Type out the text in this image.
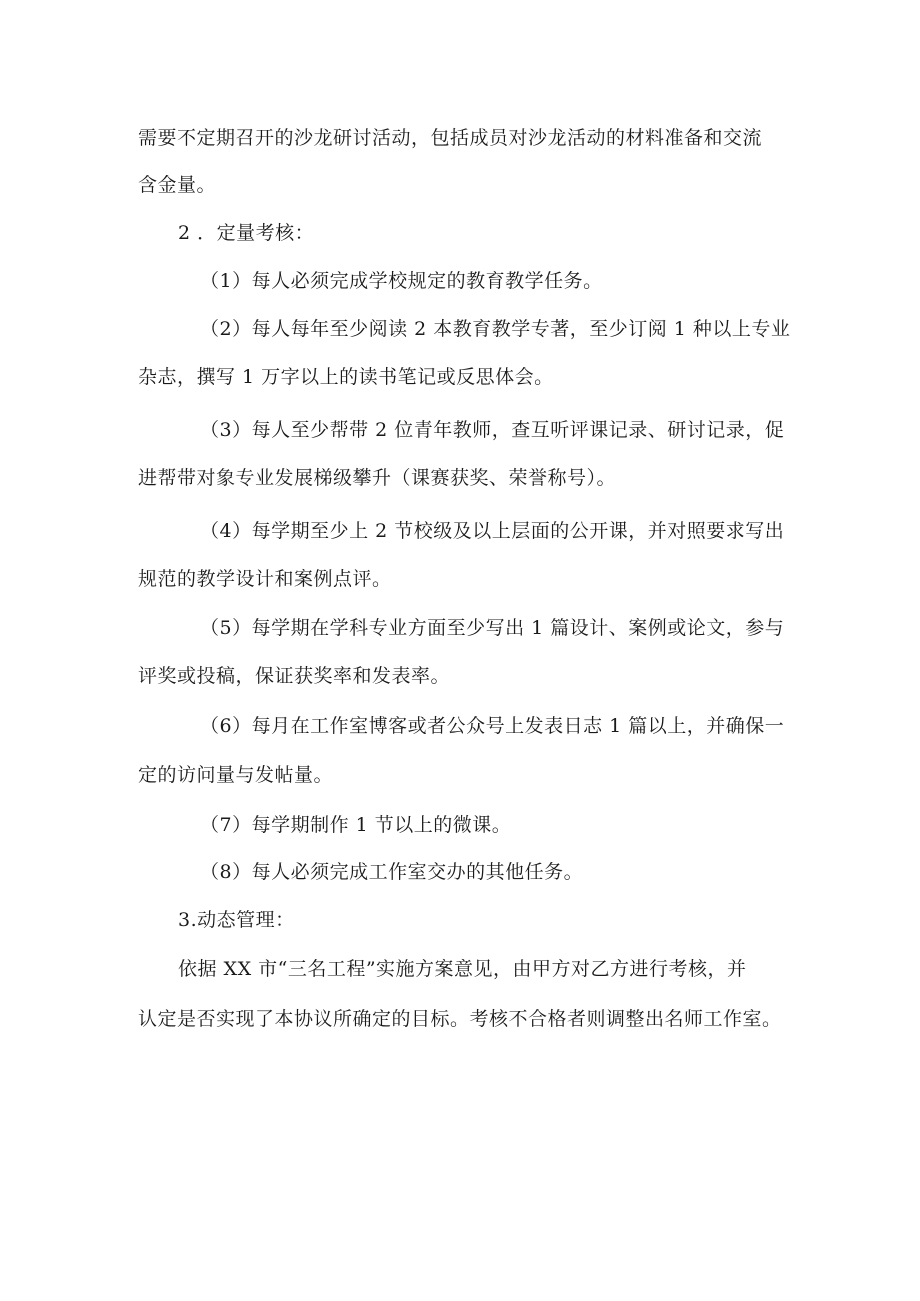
需要不定期召开的沙龙研讨活动，包括成员对沙龙活动的材料准备和交流
含金量。
2 ．定量考核：
（1）每人必须完成学校规定的教育教学任务。
（2）每人每年至少阅读 2 本教育教学专著，至少订阅 1 种以上专业
杂志，撰写 1 万字以上的读书笔记或反思体会。
（3）每人至少帮带 2 位青年教师，查互听评课记录、研讨记录，促
进帮带对象专业发展梯级攀升（课赛获奖、荣誉称号）。
（4）每学期至少上 2 节校级及以上层面的公开课，并对照要求写出
规范的教学设计和案例点评。
（5）每学期在学科专业方面至少写出 1 篇设计、案例或论文，参与
评奖或投稿，保证获奖率和发表率。
（6）每月在工作室博客或者公众号上发表日志 1 篇以上，并确保一
定的访问量与发帖量。
（7）每学期制作 1 节以上的微课。
（8）每人必须完成工作室交办的其他任务。
3.动态管理：
依据 XX 市“三名工程”实施方案意见，由甲方对乙方进行考核，并
认定是否实现了本协议所确定的目标。考核不合格者则调整出名师工作室。
